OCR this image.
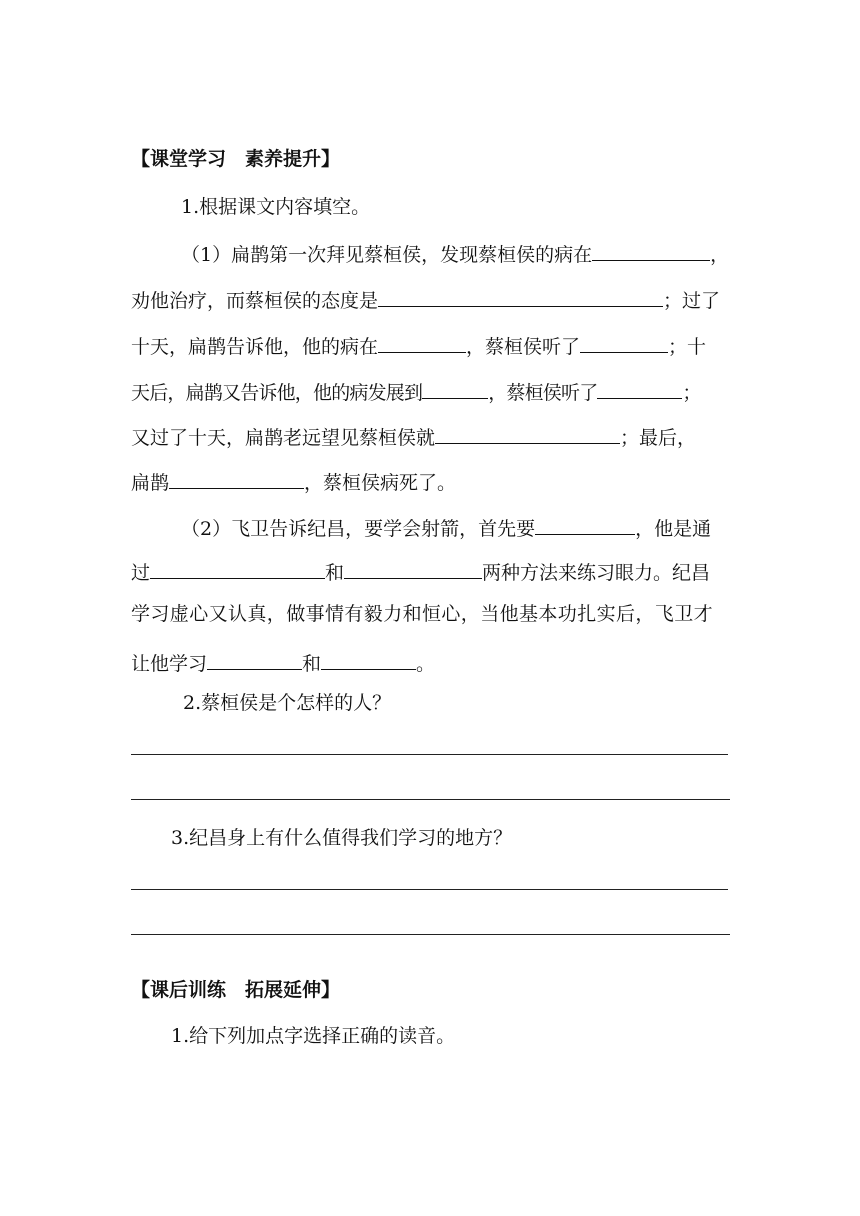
【课堂学习　素养提升】
1.根据课文内容填空。
（1）扁鹊第一次拜见蔡桓侯，发现蔡桓侯的病在	，
劝他治疗，而蔡桓侯的态度是	；过了
十天，扁鹊告诉他，他的病在	，蔡桓侯听了	；十
天后，扁鹊又告诉他，他的病发展到	，蔡桓侯听了	；
又过了十天，扁鹊老远望见蔡桓侯就	；最后，
扁鹊	，蔡桓侯病死了。
（2）飞卫告诉纪昌，要学会射箭，首先要	，他是通
过	和	两种方法来练习眼力。纪昌
学习虚心又认真，做事情有毅力和恒心，当他基本功扎实后，飞卫才
让他学习	和	。
2.蔡桓侯是个怎样的人？
3.纪昌身上有什么值得我们学习的地方？
【课后训练　拓展延伸】
1.给下列加点字选择正确的读音。
